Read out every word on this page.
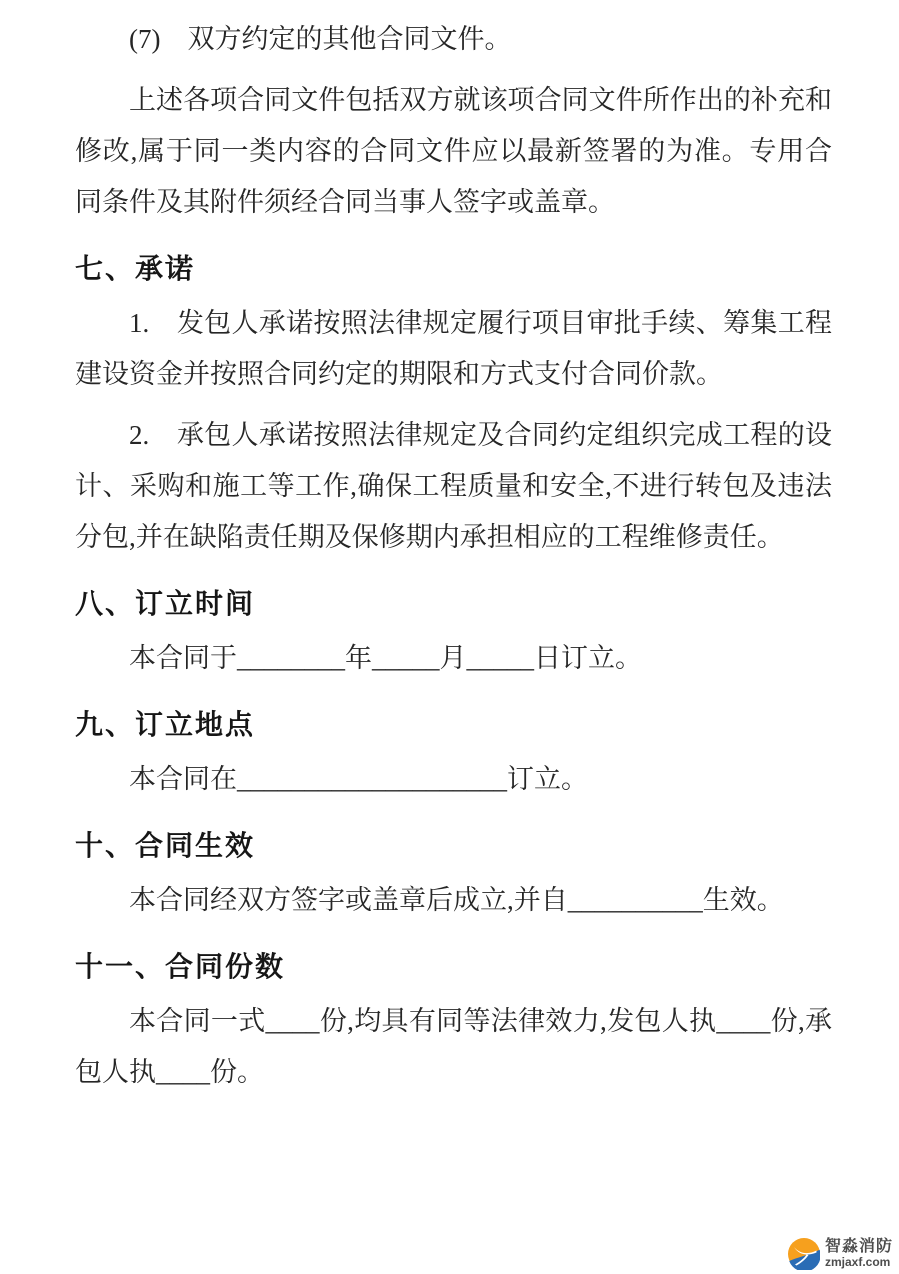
(7)　双方约定的其他合同文件。

上述各项合同文件包括双方就该项合同文件所作出的补充和修改,属于同一类内容的合同文件应以最新签署的为准。专用合同条件及其附件须经合同当事人签字或盖章。

七、承诺

1.　发包人承诺按照法律规定履行项目审批手续、筹集工程建设资金并按照合同约定的期限和方式支付合同价款。

2.　承包人承诺按照法律规定及合同约定组织完成工程的设计、采购和施工等工作,确保工程质量和安全,不进行转包及违法分包,并在缺陷责任期及保修期内承担相应的工程维修责任。

八、订立时间

本合同于________年_____月_____日订立。

九、订立地点

本合同在____________________订立。

十、合同生效

本合同经双方签字或盖章后成立,并自__________生效。

十一、合同份数

本合同一式____份,均具有同等法律效力,发包人执____份,承包人执____份。

智淼消防
zmjaxf.com
